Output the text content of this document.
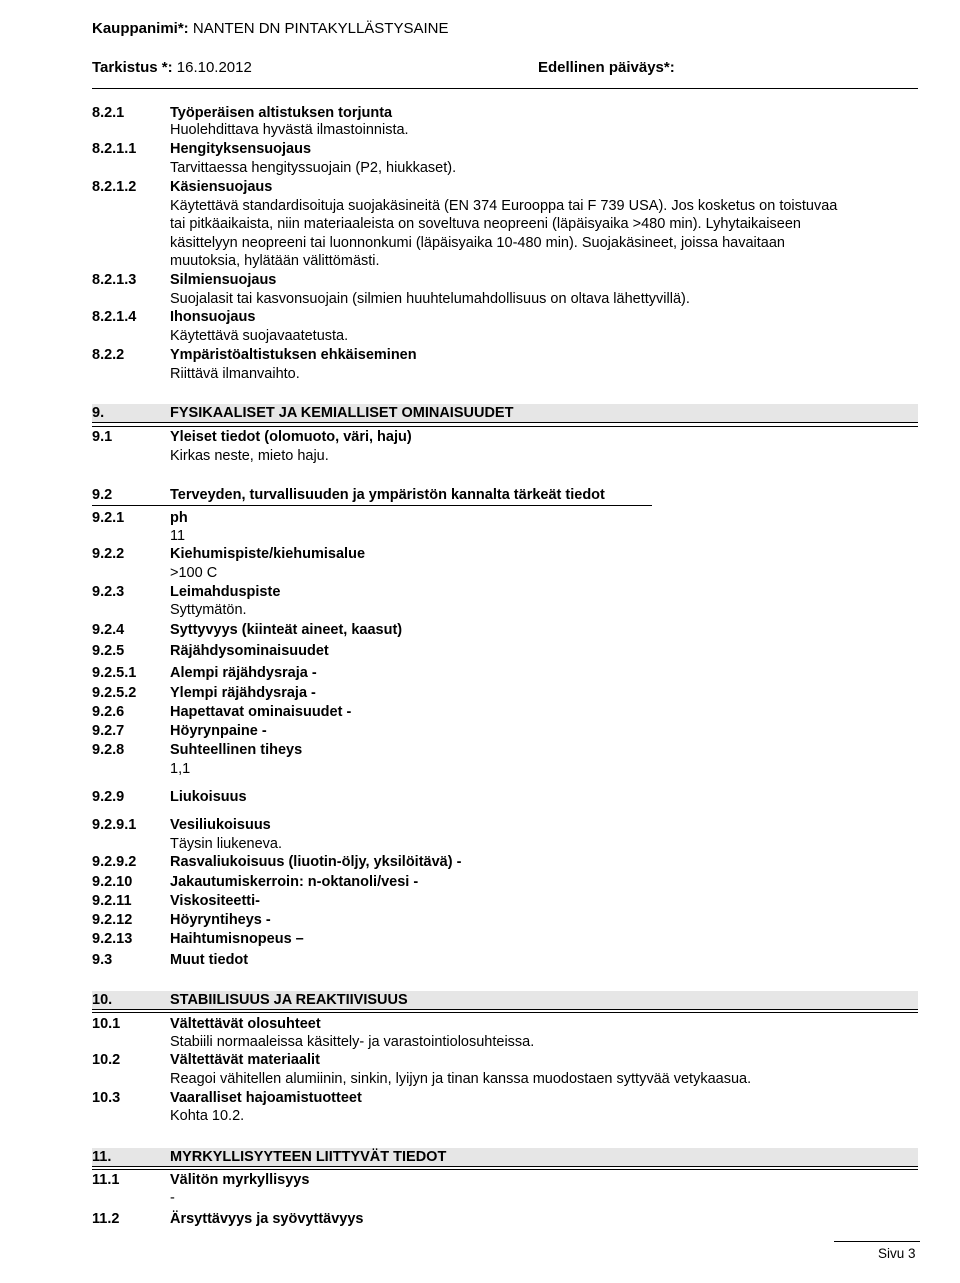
Kauppanimi*: NANTEN DN PINTAKYLLÄSTYSAINE
Tarkistus *: 16.10.2012	Edellinen päiväys*:
8.2.1	Työperäisen altistuksen torjunta
Huolehdittava hyvästä ilmastoinnista.
8.2.1.1 Hengityksensuojaus
Tarvittaessa hengityssuojain (P2, hiukkaset).
8.2.1.2 Käsiensuojaus
Käytettävä standardisoituja suojakäsineitä (EN 374 Eurooppa tai F 739 USA). Jos kosketus on toistuvaa
tai pitkäaikaista, niin materiaaleista on soveltuva neopreeni (läpäisyaika >480 min). Lyhytaikaiseen
käsittelyyn neopreeni tai luonnonkumi (läpäisyaika 10-480 min). Suojakäsineet, joissa havaitaan
muutoksia, hylätään välittömästi.
8.2.1.3 Silmiensuojaus
Suojalasit tai kasvonsuojain (silmien huuhtelumahdollisuus on oltava lähettyvillä).
8.2.1.4 Ihonsuojaus
Käytettävä suojavaatetusta.
8.2.2	Ympäristöaltistuksen ehkäiseminen
Riittävä ilmanvaihto.
9.	FYSIKAALISET JA KEMIALLISET OMINAISUUDET
9.1	Yleiset tiedot (olomuoto, väri, haju)
Kirkas neste, mieto haju.
9.2	Terveyden, turvallisuuden ja ympäristön kannalta tärkeät tiedot
9.2.1	ph
11
9.2.2	Kiehumispiste/kiehumisalue
>100 C
9.2.3	Leimahduspiste
Syttymätön.
9.2.4	Syttyvyys (kiinteät aineet, kaasut)
9.2.5	Räjähdysominaisuudet
9.2.5.1 Alempi räjähdysraja -
9.2.5.2 Ylempi räjähdysraja -
9.2.6	Hapettavat ominaisuudet -
9.2.7	Höyrynpaine -
9.2.8	Suhteellinen tiheys
1,1
9.2.9	Liukoisuus
9.2.9.1 Vesiliukoisuus
Täysin liukeneva.
9.2.9.2 Rasvaliukoisuus (liuotin-öljy, yksilöitävä) -
9.2.10	Jakautumiskerroin: n-oktanoli/vesi -
9.2.11	Viskositeetti-
9.2.12	Höyryntiheys -
9.2.13	Haihtumisnopeus –
9.3	Muut tiedot
10.	STABIILISUUS JA REAKTIIVISUUS
10.1	Vältettävät olosuhteet
Stabiili normaaleissa käsittely- ja varastointiolosuhteissa.
10.2	Vältettävät materiaalit
Reagoi vähitellen alumiinin, sinkin, lyijyn ja tinan kanssa muodostaen syttyvää vetykaasua.
10.3	Vaaralliset hajoamistuotteet
Kohta 10.2.
11.	MYRKYLLISYYTEEN LIITTYVÄT TIEDOT
11.1	Välitön myrkyllisyys
-
11.2	Ärsyttävyys ja syövyttävyys
Sivu 3
